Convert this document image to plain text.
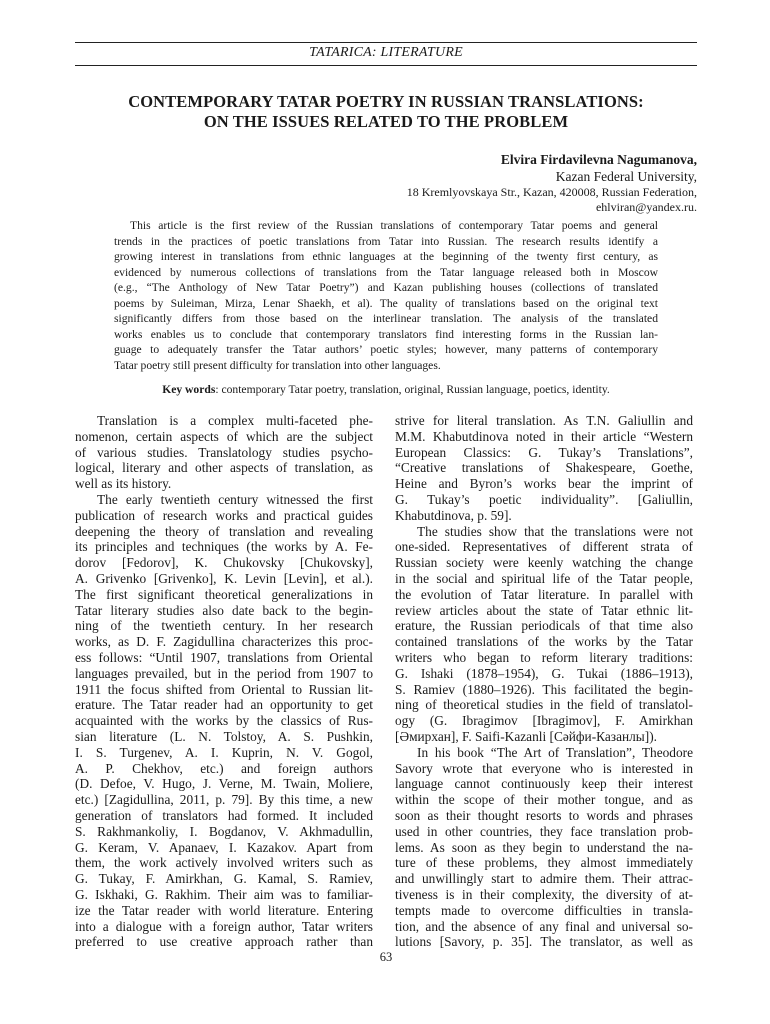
TATARICA: LITERATURE
CONTEMPORARY TATAR POETRY IN RUSSIAN TRANSLATIONS:
ON THE ISSUES RELATED TO THE PROBLEM
Elvira Firdavilevna Nagumanova,
Kazan Federal University,
18 Kremlyovskaya Str., Kazan, 420008, Russian Federation,
ehlviran@yandex.ru.
This article is the first review of the Russian translations of contemporary Tatar poems and general
trends in the practices of poetic translations from Tatar into Russian. The research results identify a
growing interest in translations from ethnic languages at the beginning of the twenty first century, as
evidenced by numerous collections of translations from the Tatar language released both in Moscow
(e.g., “The Anthology of New Tatar Poetry”) and Kazan publishing houses (collections of translated
poems by Suleiman, Mirza, Lenar Shaekh, et al). The quality of translations based on the original text
significantly differs from those based on the interlinear translation. The analysis of the translated
works enables us to conclude that contemporary translators find interesting forms in the Russian lan-
guage to adequately transfer the Tatar authors’ poetic styles; however, many patterns of contemporary
Tatar poetry still present difficulty for translation into other languages.
Key words: contemporary Tatar poetry, translation, original, Russian language, poetics, identity.
Translation is a complex multi-faceted phe-
nomenon, certain aspects of which are the subject
of various studies. Translatology studies psycho-
logical, literary and other aspects of translation, as
well as its history.
The early twentieth century witnessed the first
publication of research works and practical guides
deepening the theory of translation and revealing
its principles and techniques (the works by A. Fe-
dorov [Fedorov], K. Chukovsky [Chukovsky],
A. Grivenko [Grivenko], K. Levin [Levin], et al.).
The first significant theoretical generalizations in
Tatar literary studies also date back to the begin-
ning of the twentieth century. In her research
works, as D. F. Zagidullina characterizes this proc-
ess follows: “Until 1907, translations from Oriental
languages prevailed, but in the period from 1907 to
1911 the focus shifted from Oriental to Russian lit-
erature. The Tatar reader had an opportunity to get
acquainted with the works by the classics of Rus-
sian literature (L. N. Tolstoy, A. S. Pushkin,
I. S. Turgenev, A. I. Kuprin, N. V. Gogol,
A. P. Chekhov, etc.) and foreign authors
(D. Defoe, V. Hugo, J. Verne, M. Twain, Moliere,
etc.) [Zagidullina, 2011, p. 79]. By this time, a new
generation of translators had formed. It included
S. Rakhmankoliy, I. Bogdanov, V. Akhmadullin,
G. Keram, V. Apanaev, I. Kazakov. Apart from
them, the work actively involved writers such as
G. Tukay, F. Amirkhan, G. Kamal, S. Ramiev,
G. Iskhaki, G. Rakhim. Their aim was to familiar-
ize the Tatar reader with world literature. Entering
into a dialogue with a foreign author, Tatar writers
preferred to use creative approach rather than
strive for literal translation. As T.N. Galiullin and
M.M. Khabutdinova noted in their article “Western
European Classics: G. Tukay’s Translations”,
“Creative translations of Shakespeare, Goethe,
Heine and Byron’s works bear the imprint of
G. Tukay’s poetic individuality”. [Galiullin,
Khabutdinova, p. 59].
The studies show that the translations were not
one-sided. Representatives of different strata of
Russian society were keenly watching the change
in the social and spiritual life of the Tatar people,
the evolution of Tatar literature. In parallel with
review articles about the state of Tatar ethnic lit-
erature, the Russian periodicals of that time also
contained translations of the works by the Tatar
writers who began to reform literary traditions:
G. Ishaki (1878–1954), G. Tukai (1886–1913),
S. Ramiev (1880–1926). This facilitated the begin-
ning of theoretical studies in the field of translatol-
ogy (G. Ibragimov [Ibragimov], F. Amirkhan
[Әмирхан], F. Saifi-Kazanli [Сәйфи-Казанлы]).
In his book “The Art of Translation”, Theodore
Savory wrote that everyone who is interested in
language cannot continuously keep their interest
within the scope of their mother tongue, and as
soon as their thought resorts to words and phrases
used in other countries, they face translation prob-
lems. As soon as they begin to understand the na-
ture of these problems, they almost immediately
and unwillingly start to admire them. Their attrac-
tiveness is in their complexity, the diversity of at-
tempts made to overcome difficulties in transla-
tion, and the absence of any final and universal so-
lutions [Savory, p. 35]. The translator, as well as
63
